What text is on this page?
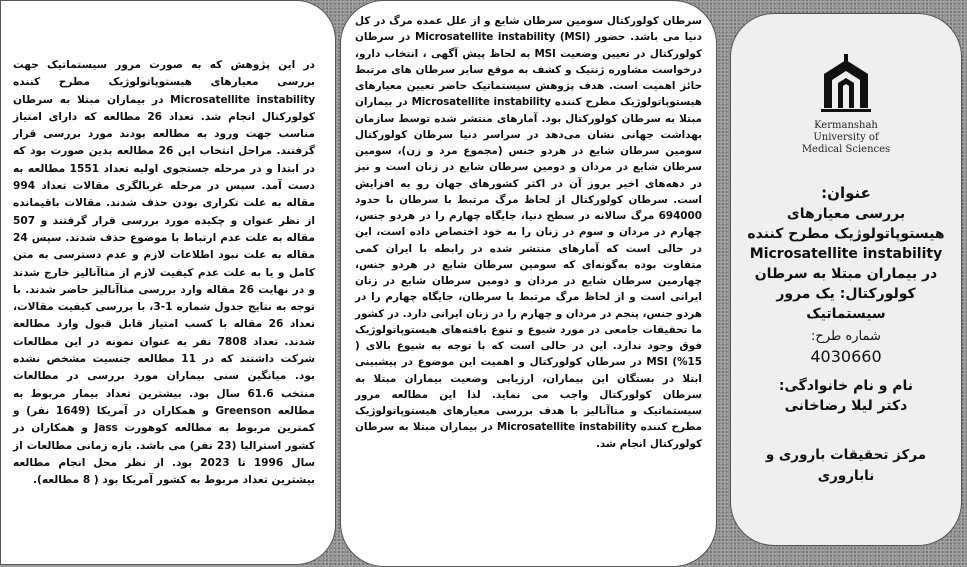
در این پژوهش که به صورت مرور سیستماتیک جهت بررسی معیارهای هیستوپاتولوژیک مطرح کننده Microsatellite instability در بیماران مبتلا به سرطان کولورکتال انجام شد. تعداد 26 مطالعه که دارای امتیاز مناسب جهت ورود به مطالعه بودند مورد بررسی قرار گرفتند. مراحل انتخاب این 26 مطالعه بدین صورت بود که در ابتدا و در مرحله جستجوی اولیه تعداد 1551 مطالعه به دست آمد. سپس در مرحله غربالگری مقالات تعداد 994 مقاله به علت تکراری بودن حذف شدند. مقالات باقیمانده از نظر عنوان و چکیده مورد بررسی قرار گرفتند و 507 مقاله به علت عدم ارتباط با موضوع حذف شدند. سپس 24 مقاله به علت نبود اطلاعات لازم و عدم دسترسی به متن کامل و یا به علت عدم کیفیت لازم از متاآنالیز خارج شدند و در نهایت 26 مقاله وارد بررسی متاآنالیز حاضر شدند. با توجه به نتایج جدول شماره 1-3، با بررسی کیفیت مقالات، تعداد 26 مقاله با کسب امتیاز قابل قبول وارد مطالعه شدند. تعداد 7808 نفر به عنوان نمونه در این مطالعات شرکت داشتند که در 11 مطالعه جنسیت مشخص نشده بود. میانگین سنی بیماران مورد بررسی در مطالعات منتخب 61.6 سال بود. بیشترین تعداد بیمار مربوط به مطالعه Greenson و همکاران در آمریکا (1649 نفر) و کمترین مربوط به مطالعه کوهورت Jass و همکاران در کشور استرالیا (23 نفر) می باشد. بازه زمانی مطالعات از سال 1996 تا 2023 بود. از نظر محل انجام مطالعه بیشترین تعداد مربوط به کشور آمریکا بود ( 8 مطالعه).

سرطان کولورکتال سومین سرطان شایع و از علل عمده مرگ در کل دنیا می باشد. حضور Microsatellite instability (MSI) در سرطان کولورکتال در تعیین وضعیت MSI به لحاظ پیش آگهی ، انتخاب دارو، درخواست مشاوره ژنتیک و کشف به موقع سایر سرطان های مرتبط حائز اهمیت است. هدف پژوهش سیستماتیک حاضر تعیین معیارهای هیستوپاتولوژیک مطرح کننده Microsatellite instability در بیماران مبتلا به سرطان کولورکتال بود. آمارهای منتشر شده توسط سازمان بهداشت جهانی نشان می‌دهد در سراسر دنیا سرطان کولورکتال سومین سرطان شایع در هردو جنس (مجموع مرد و زن)، سومین سرطان شایع در مردان و دومین سرطان شایع در زنان است و نیز در دهه‌های اخیر بروز آن در اکثر کشورهای جهان رو به افزایش است. سرطان کولورکتال از لحاظ مرگ مرتبط با سرطان با حدود 694000 مرگ سالانه در سطح دنیا، جایگاه چهارم را در هردو جنس، چهارم در مردان و سوم در زنان را به خود اختصاص داده است، این در حالی است که آمارهای منتشر شده در رابطه با ایران کمی متفاوت بوده به‌گونه‌ای که سومین سرطان شایع در هردو جنس، چهارمین سرطان شایع در مردان و دومین سرطان شایع در زنان ایرانی است و از لحاظ مرگ مرتبط با سرطان، جایگاه چهارم را در هردو جنس، پنجم در مردان و چهارم را در زنان ایرانی دارد. در کشور ما تحقیقات جامعی در مورد شیوع و تنوع یافته‌های هیستوپاتولوژیک فوق وجود ندارد. این در حالی است که با توجه به شیوع بالای ( 15%) MSI در سرطان کولورکتال و اهمیت این موضوع در پیشبینی ابتلا در بستگان این بیماران، ارزیابی وضعیت بیماران مبتلا به سرطان کولورکتال واجب می نماید. لذا این مطالعه مرور سیستماتیک و متاآنالیز با هدف بررسی معیارهای هیستوپاتولوژیک مطرح کننده Microsatellite instability در بیماران مبتلا به سرطان کولورکتال انجام شد.

Kermanshah
University of
Medical Sciences

عنوان:

بررسی معیارهای هیستوپاتولوژیک مطرح کننده Microsatellite instability در بیماران مبتلا به سرطان کولورکتال: یک مرور سیستماتیک

شماره طرح:

4030660

نام و نام خانوادگی:

دکتر لیلا رضاخانی

مرکز تحقیقات باروری و ناباروری
